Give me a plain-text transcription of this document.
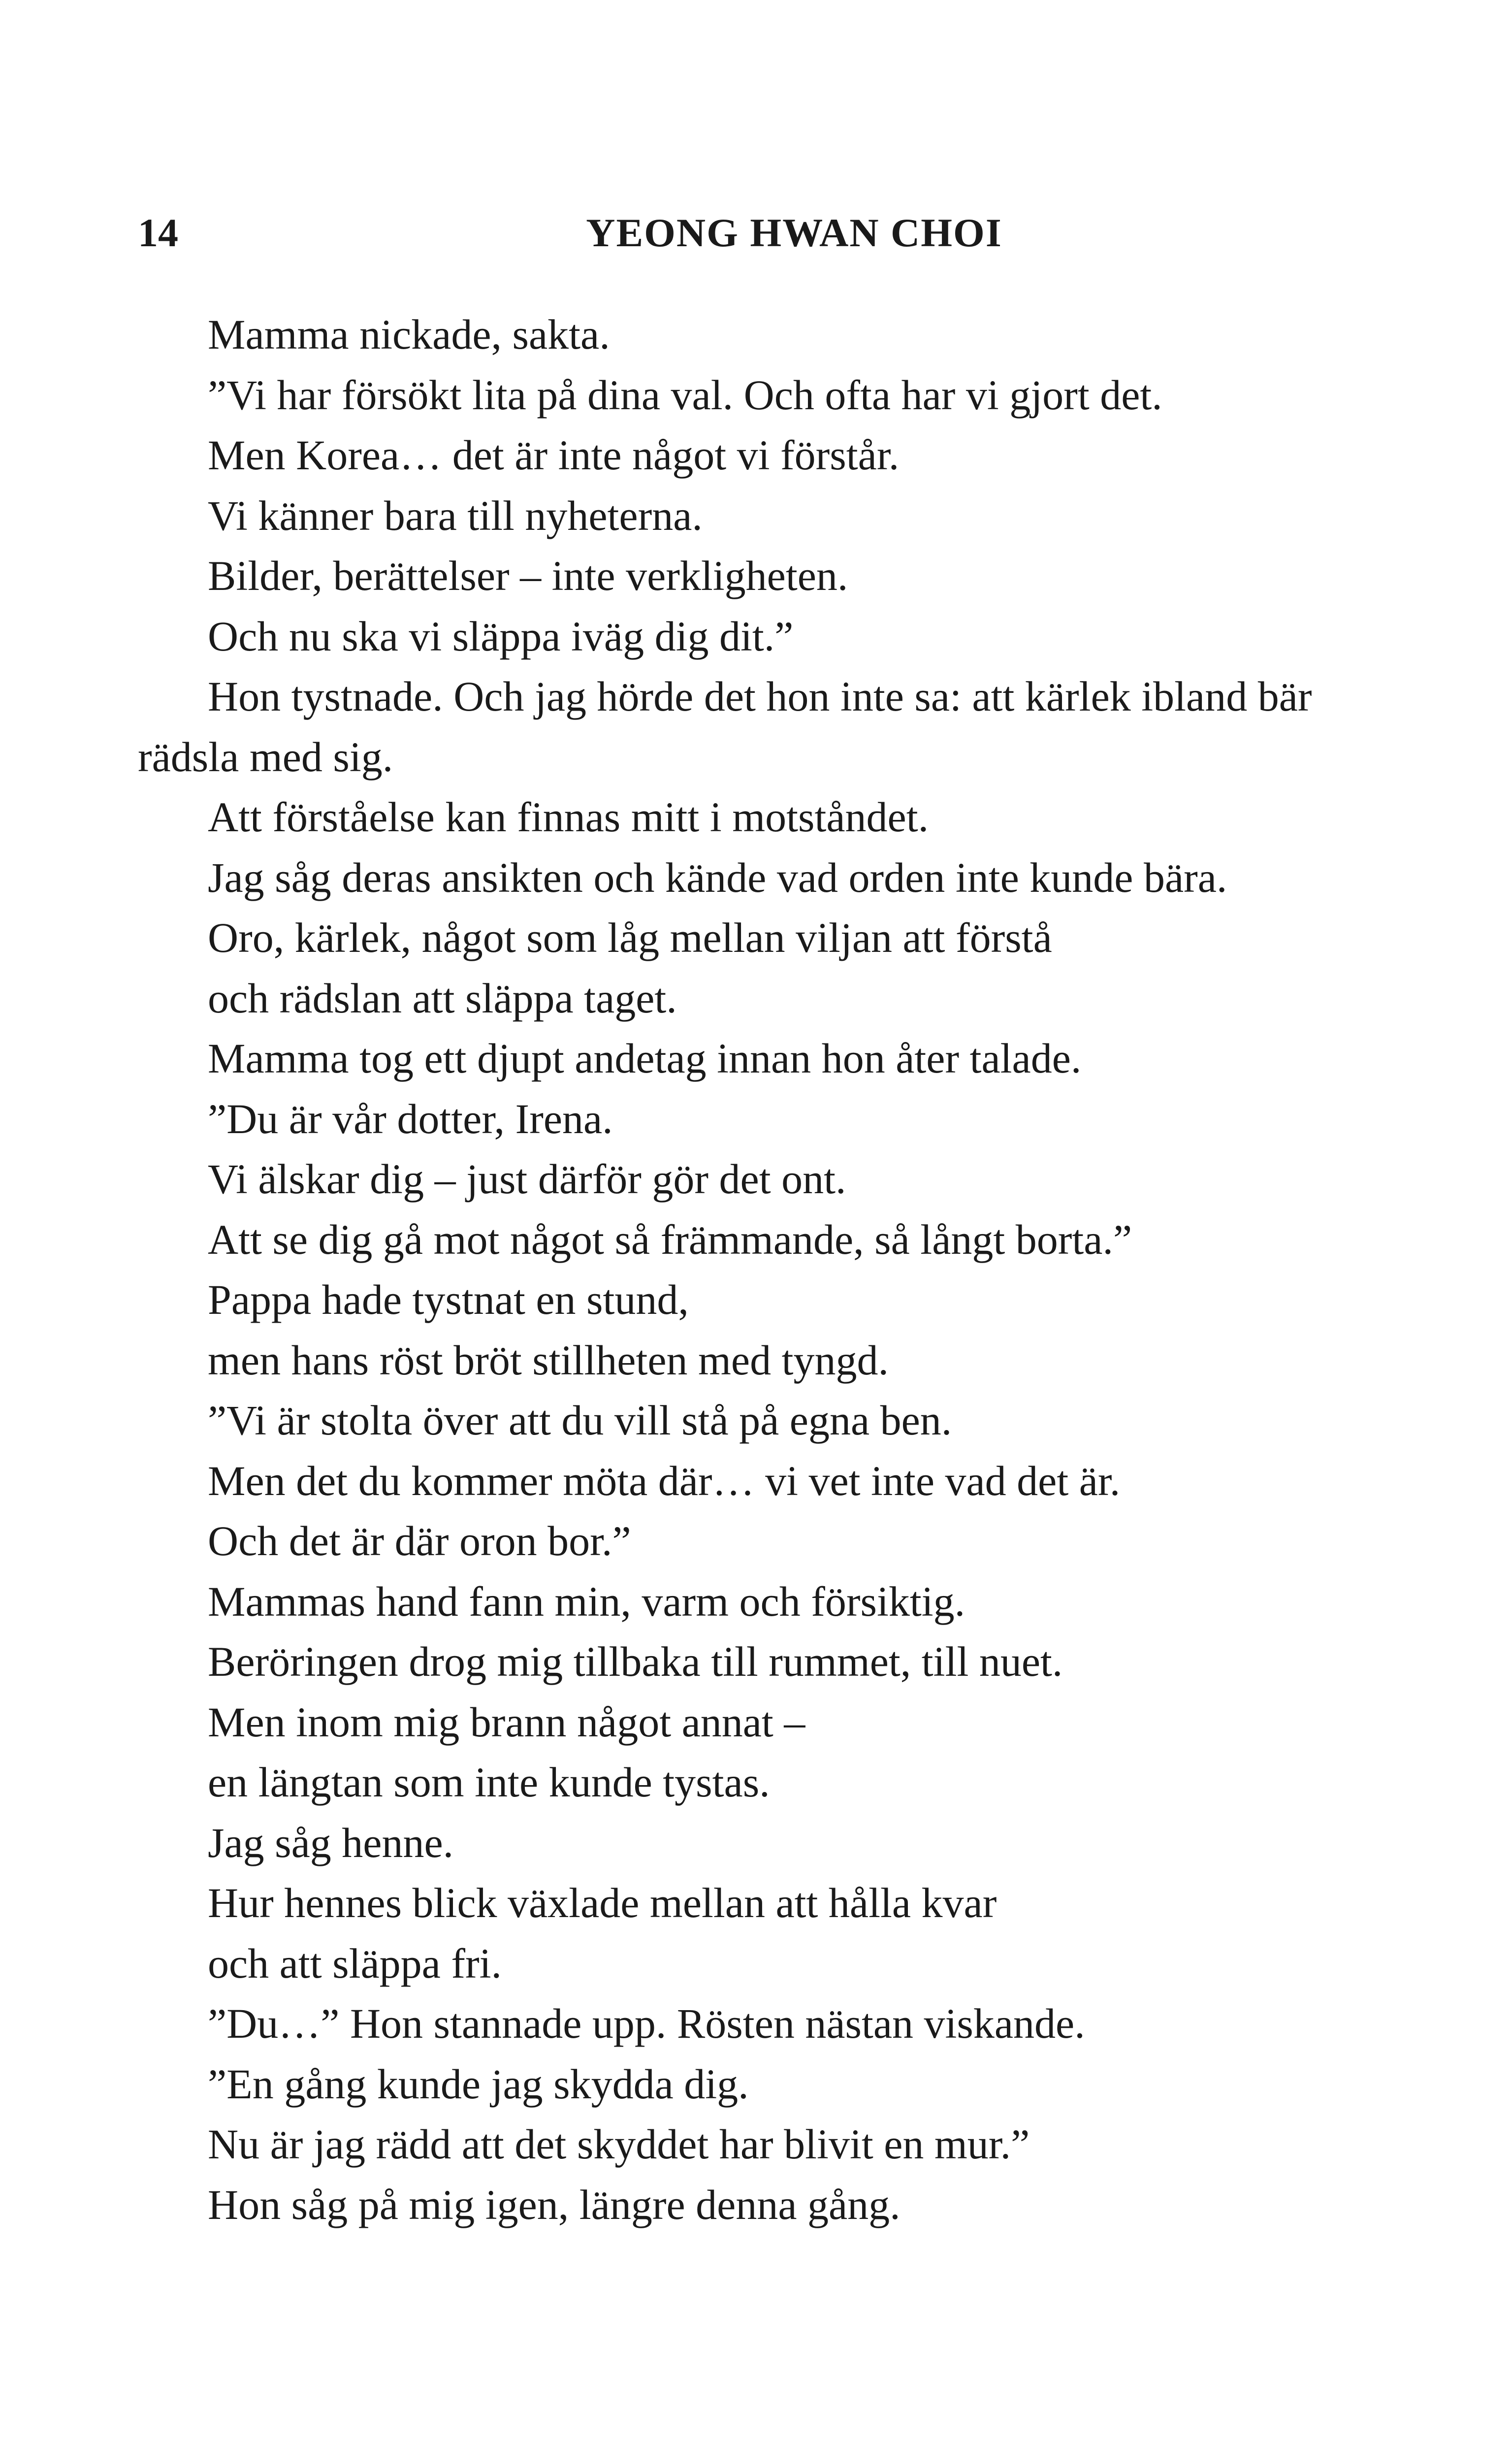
14	YEONG HWAN CHOI
Mamma nickade, sakta.
”Vi har försökt lita på dina val. Och ofta har vi gjort det.
Men Korea… det är inte något vi förstår.
Vi känner bara till nyheterna.
Bilder, berättelser – inte verkligheten.
Och nu ska vi släppa iväg dig dit.”
Hon tystnade. Och jag hörde det hon inte sa: att kärlek ibland bär
rädsla med sig.
Att förståelse kan finnas mitt i motståndet.
Jag såg deras ansikten och kände vad orden inte kunde bära.
Oro, kärlek, något som låg mellan viljan att förstå
och rädslan att släppa taget.
Mamma tog ett djupt andetag innan hon åter talade.
”Du är vår dotter, Irena.
Vi älskar dig – just därför gör det ont.
Att se dig gå mot något så främmande, så långt borta.”
Pappa hade tystnat en stund,
men hans röst bröt stillheten med tyngd.
”Vi är stolta över att du vill stå på egna ben.
Men det du kommer möta där… vi vet inte vad det är.
Och det är där oron bor.”
Mammas hand fann min, varm och försiktig.
Beröringen drog mig tillbaka till rummet, till nuet.
Men inom mig brann något annat –
en längtan som inte kunde tystas.
Jag såg henne.
Hur hennes blick växlade mellan att hålla kvar
och att släppa fri.
”Du…” Hon stannade upp. Rösten nästan viskande.
”En gång kunde jag skydda dig.
Nu är jag rädd att det skyddet har blivit en mur.”
Hon såg på mig igen, längre denna gång.
